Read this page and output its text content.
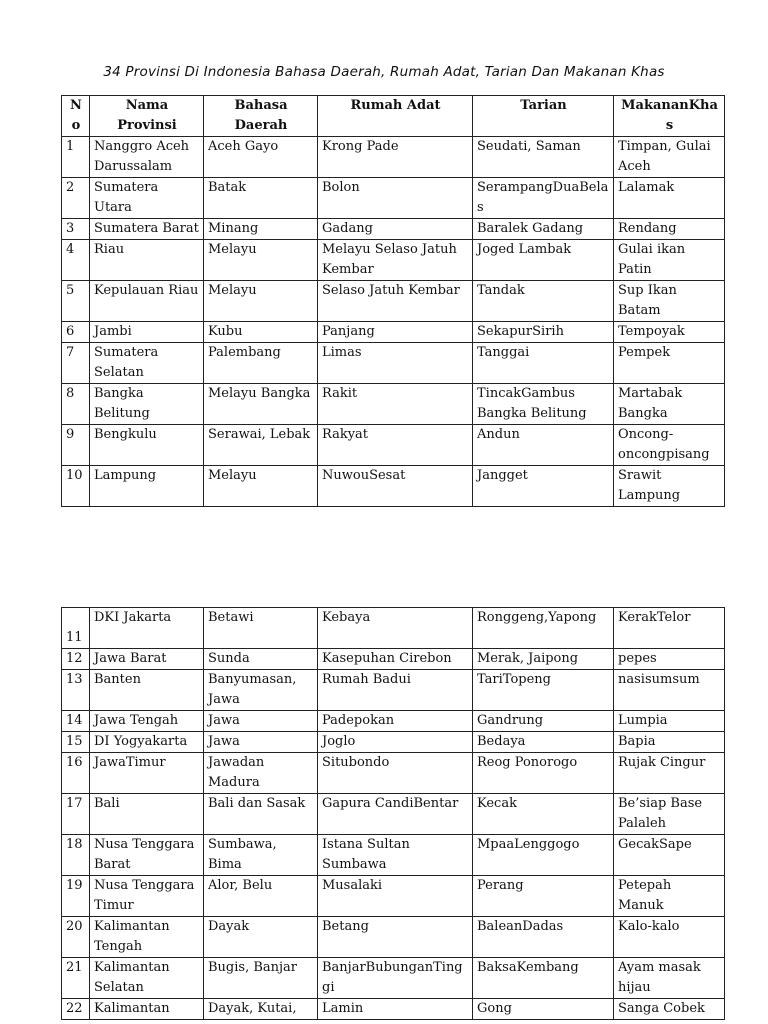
34 Provinsi Di Indonesia Bahasa Daerah, Rumah Adat, Tarian Dan Makanan Khas
No	Nama Provinsi	Bahasa Daerah	Rumah Adat	Tarian	MakananKhas
1	Nanggro Aceh Darussalam	Aceh Gayo	Krong Pade	Seudati, Saman	Timpan, Gulai Aceh
2	Sumatera Utara	Batak	Bolon	SerampangDuaBelas	Lalamak
3	Sumatera Barat	Minang	Gadang	Baralek Gadang	Rendang
4	Riau	Melayu	Melayu Selaso Jatuh Kembar	Joged Lambak	Gulai ikan Patin
5	Kepulauan Riau	Melayu	Selaso Jatuh Kembar	Tandak	Sup Ikan Batam
6	Jambi	Kubu	Panjang	SekapurSirih	Tempoyak
7	Sumatera Selatan	Palembang	Limas	Tanggai	Pempek
8	Bangka Belitung	Melayu Bangka	Rakit	TincakGambus Bangka Belitung	Martabak Bangka
9	Bengkulu	Serawai, Lebak	Rakyat	Andun	Oncong-oncongpisang
10	Lampung	Melayu	NuwouSesat	Jangget	Srawit Lampung
11	DKI Jakarta	Betawi	Kebaya	Ronggeng,Yapong	KerakTelor
12	Jawa Barat	Sunda	Kasepuhan Cirebon	Merak, Jaipong	pepes
13	Banten	Banyumasan, Jawa	Rumah Badui	TariTopeng	nasisumsum
14	Jawa Tengah	Jawa	Padepokan	Gandrung	Lumpia
15	DI Yogyakarta	Jawa	Joglo	Bedaya	Bapia
16	JawaTimur	Jawadan Madura	Situbondo	Reog Ponorogo	Rujak Cingur
17	Bali	Bali dan Sasak	Gapura CandiBentar	Kecak	Be’siap Base Palaleh
18	Nusa Tenggara Barat	Sumbawa, Bima	Istana Sultan Sumbawa	MpaaLenggogo	GecakSape
19	Nusa Tenggara Timur	Alor, Belu	Musalaki	Perang	Petepah Manuk
20	Kalimantan Tengah	Dayak	Betang	BaleanDadas	Kalo-kalo
21	Kalimantan Selatan	Bugis, Banjar	BanjarBubunganTinggi	BaksaKembang	Ayam masak hijau
22	Kalimantan	Dayak, Kutai,	Lamin	Gong	Sanga Cobek
